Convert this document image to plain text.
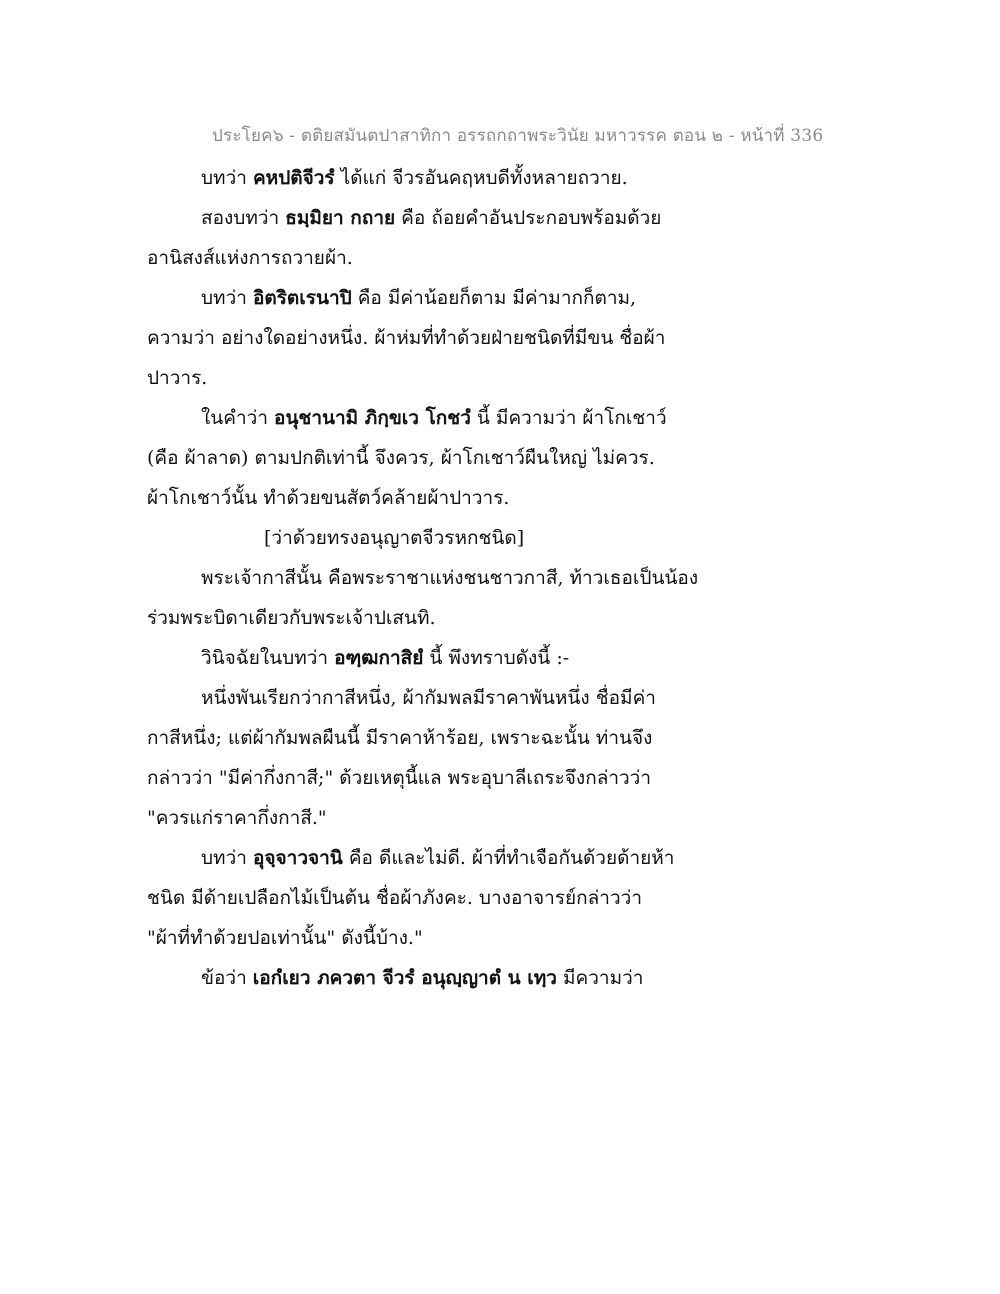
ประโยค๖ - ตติยสมันตปาสาทิกา อรรถกถาพระวินัย มหาวรรค ตอน ๒ - หน้าที่ 336
บทว่า คหปติจีวรํ ได้แก่ จีวรอันคฤหบดีทั้งหลายถวาย.
สองบทว่า ธมฺมิยา กถาย คือ ถ้อยคำอันประกอบพร้อมด้วย
อานิสงส์แห่งการถวายผ้า.
บทว่า อิตริตเรนาปิ คือ มีค่าน้อยก็ตาม มีค่ามากก็ตาม,
ความว่า อย่างใดอย่างหนึ่ง. ผ้าห่มที่ทำด้วยฝ่ายชนิดที่มีขน ชื่อผ้า
ปาวาร.
ในคำว่า อนุชานามิ ภิกฺขเว โกชวํ นี้ มีความว่า ผ้าโกเชาว์
(คือ ผ้าลาด) ตามปกติเท่านี้ จึงควร, ผ้าโกเชาว์ผืนใหญ่ ไม่ควร.
ผ้าโกเชาว์นั้น ทำด้วยขนสัตว์คล้ายผ้าปาวาร.
[ว่าด้วยทรงอนุญาตจีวรหกชนิด]
พระเจ้ากาสีนั้น คือพระราชาแห่งชนชาวกาสี, ท้าวเธอเป็นน้อง
ร่วมพระบิดาเดียวกับพระเจ้าปเสนทิ.
วินิจฉัยในบทว่า อฑฺฒกาสิยํ นี้ พึงทราบดังนี้ :-
หนึ่งพันเรียกว่ากาสีหนึ่ง, ผ้ากัมพลมีราคาพันหนึ่ง ชื่อมีค่า
กาสีหนึ่ง; แต่ผ้ากัมพลผืนนี้ มีราคาห้าร้อย, เพราะฉะนั้น ท่านจึง
กล่าวว่า "มีค่ากึ่งกาสี;" ด้วยเหตุนี้แล พระอุบาลีเถระจึงกล่าวว่า
"ควรแก่ราคากึ่งกาสี."
บทว่า อุจฺจาวจานิ คือ ดีและไม่ดี. ผ้าที่ทำเจือกันด้วยด้ายห้า
ชนิด มีด้ายเปลือกไม้เป็นต้น ชื่อผ้าภังคะ. บางอาจารย์กล่าวว่า
"ผ้าที่ทำด้วยปอเท่านั้น" ดังนี้บ้าง."
ข้อว่า เอกํเยว ภควตา จีวรํ อนุญฺญาตํ น เทฺว มีความว่า
